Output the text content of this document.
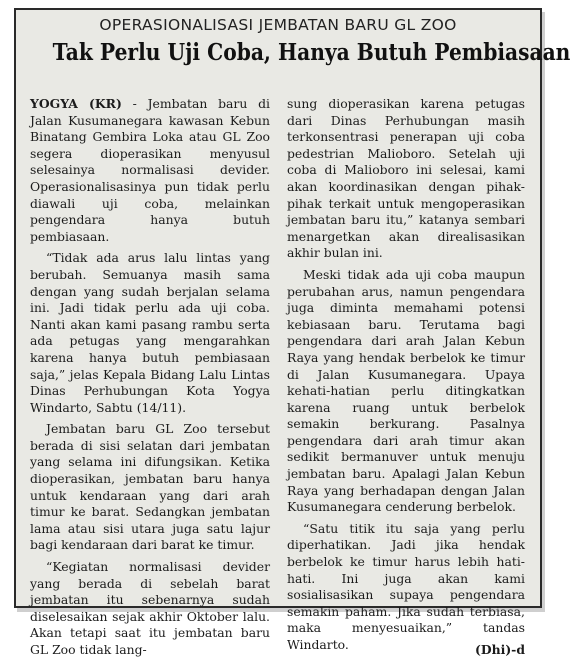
OPERASIONALISASI JEMBATAN BARU GL ZOO
Tak Perlu Uji Coba, Hanya Butuh Pembiasaan

YOGYA (KR) - Jembatan baru di Jalan Kusumanegara kawasan Kebun Binatang Gembira Loka atau GL Zoo segera dioperasikan menyusul selesainya normalisasi devider. Operasionalisasinya pun tidak perlu diawali uji coba, melainkan pengendara hanya butuh pembiasaan.

“Tidak ada arus lalu lintas yang berubah. Semuanya masih sama dengan yang sudah berjalan selama ini. Jadi tidak perlu ada uji coba. Nanti akan kami pasang rambu serta ada petugas yang mengarahkan karena hanya butuh pembiasaan saja,” jelas Kepala Bidang Lalu Lintas Dinas Perhubungan Kota Yogya Windarto, Sabtu (14/11).

Jembatan baru GL Zoo tersebut berada di sisi selatan dari jembatan yang selama ini difungsikan. Ketika dioperasikan, jembatan baru hanya untuk kendaraan yang dari arah timur ke barat. Sedangkan jembatan lama atau sisi utara juga satu lajur bagi kendaraan dari barat ke timur.

“Kegiatan normalisasi devider yang berada di sebelah barat jembatan itu sebenarnya sudah diselesaikan sejak akhir Oktober lalu. Akan tetapi saat itu jembatan baru GL Zoo tidak lang-

sung dioperasikan karena petugas dari Dinas Perhubungan masih terkonsentrasi penerapan uji coba pedestrian Malioboro. Setelah uji coba di Malioboro ini selesai, kami akan koordinasikan dengan pihak-pihak terkait untuk mengoperasikan jembatan baru itu,” katanya sembari menargetkan akan direalisasikan akhir bulan ini.

Meski tidak ada uji coba maupun perubahan arus, namun pengendara juga diminta memahami potensi kebiasaan baru. Terutama bagi pengendara dari arah Jalan Kebun Raya yang hendak berbelok ke timur di Jalan Kusumanegara. Upaya kehati-hatian perlu ditingkatkan karena ruang untuk berbelok semakin berkurang. Pasalnya pengendara dari arah timur akan sedikit bermanuver untuk menuju jembatan baru. Apalagi Jalan Kebun Raya yang berhadapan dengan Jalan Kusumanegara cenderung berbelok.

“Satu titik itu saja yang perlu diperhatikan. Jadi jika hendak berbelok ke timur harus lebih hati-hati. Ini juga akan kami sosialisasikan supaya pengendara semakin paham. Jika sudah terbiasa, maka menyesuaikan,” tandas Windarto.	(Dhi)-d
